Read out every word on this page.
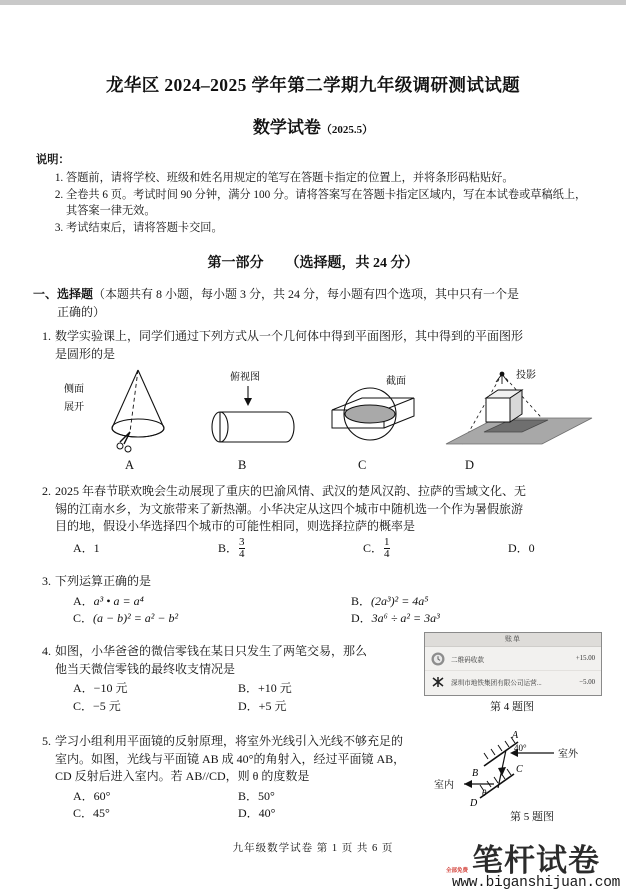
龙华区 2024–2025 学年第二学期九年级调研测试试题
数学试卷（2025.5）
说明：
1. 答题前，请将学校、班级和姓名用规定的笔写在答题卡指定的位置上，并将条形码粘贴好。
2. 全卷共 6 页。考试时间 90 分钟，满分 100 分。请将答案写在答题卡指定区域内，写在本试卷或草稿纸上，其答案一律无效。
3. 考试结束后，请将答题卡交回。
第一部分 （选择题，共 24 分）
一、选择题（本题共有 8 小题，每小题 3 分，共 24 分，每小题有四个选项，其中只有一个是
正确的）
1. 数学实验课上，同学们通过下列方式从一个几何体中得到平面图形，其中得到的平面图形
是圆形的是
侧面
展开
A
俯视图
B
截面
C
投影
D
2. 2025 年春节联欢晚会生动展现了重庆的巴渝风情、武汉的楚风汉韵、拉萨的雪域文化、无
锡的江南水乡，为文旅带来了新热潮。小华决定从这四个城市中随机选一个作为暑假旅游
目的地，假设小华选择四个城市的可能性相同，则选择拉萨的概率是
A． 1	B． $\frac{3}{4}$	C． $\frac{1}{4}$	D． 0
3. 下列运算正确的是
A． a³ • a = a⁴	B． (2a³)² = 4a⁵
C． (a − b)² = a² − b²	D． 3a⁶ ÷ a² = 3a³
4. 如图，小华爸爸的微信零钱在某日只发生了两笔交易，那么
他当天微信零钱的最终收支情况是
A． −10 元	B． +10 元
C． −5 元	D． +5 元
账单
二维码收款	+15.00
深圳市地铁集团有限公司运营...	−5.00
第 4 题图
5. 学习小组利用平面镜的反射原理，将室外光线引入光线不够充足的
室内。如图，光线与平面镜 AB 成 40°的角射入，经过平面镜 AB，
CD 反射后进入室内。若 AB//CD，则 θ 的度数是
A． 60°	B． 50°
C． 45°	D． 40°
A
B	C
D
40°
θ
室外
室内
第 5 题图
九年级数学试卷 第 1 页 共 6 页	笔杆试卷
www.biganshijuan.com
全部免费
